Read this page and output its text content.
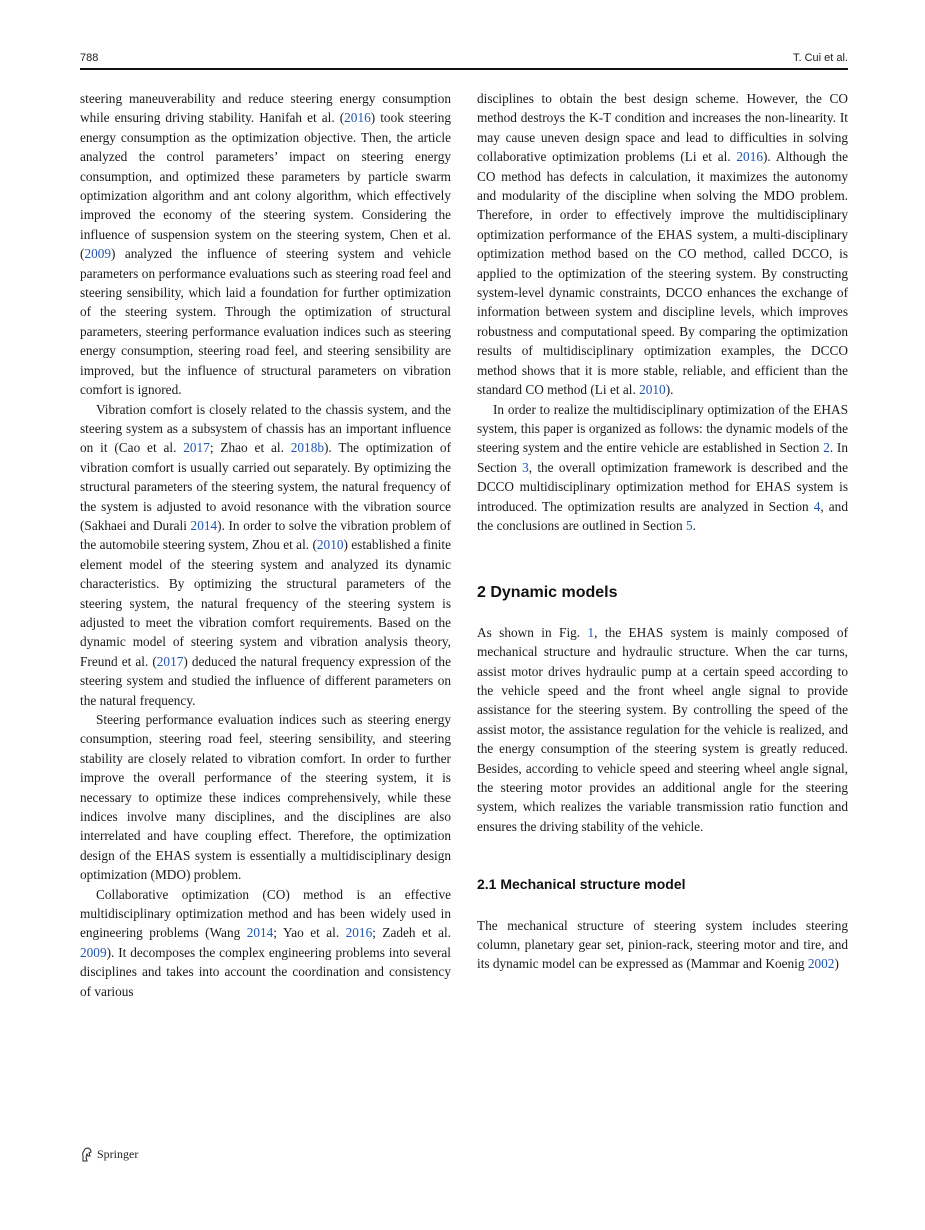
788	T. Cui et al.

steering maneuverability and reduce steering energy consumption while ensuring driving stability. Hanifah et al. (2016) took steering energy consumption as the optimization objective. Then, the article analyzed the control parameters’ impact on steering energy consumption, and optimized these parameters by particle swarm optimization algorithm and ant colony algorithm, which effectively improved the economy of the steering system. Considering the influence of suspension system on the steering system, Chen et al. (2009) analyzed the influence of steering system and vehicle parameters on performance evaluations such as steering road feel and steering sensibility, which laid a foundation for further optimization of the steering system. Through the optimization of structural parameters, steering performance evaluation indices such as steering energy consumption, steering road feel, and steering sensibility are improved, but the influence of structural parameters on vibration comfort is ignored.

Vibration comfort is closely related to the chassis system, and the steering system as a subsystem of chassis has an important influence on it (Cao et al. 2017; Zhao et al. 2018b). The optimization of vibration comfort is usually carried out separately. By optimizing the structural parameters of the steering system, the natural frequency of the system is adjusted to avoid resonance with the vibration source (Sakhaei and Durali 2014). In order to solve the vibration problem of the automobile steering system, Zhou et al. (2010) established a finite element model of the steering system and analyzed its dynamic characteristics. By optimizing the structural parameters of the steering system, the natural frequency of the steering system is adjusted to meet the vibration comfort requirements. Based on the dynamic model of steering system and vibration analysis theory, Freund et al. (2017) deduced the natural frequency expression of the steering system and studied the influence of different parameters on the natural frequency.

Steering performance evaluation indices such as steering energy consumption, steering road feel, steering sensibility, and steering stability are closely related to vibration comfort. In order to further improve the overall performance of the steering system, it is necessary to optimize these indices comprehensively, while these indices involve many disciplines, and the disciplines are also interrelated and have coupling effect. Therefore, the optimization design of the EHAS system is essentially a multidisciplinary design optimization (MDO) problem.

Collaborative optimization (CO) method is an effective multidisciplinary optimization method and has been widely used in engineering problems (Wang 2014; Yao et al. 2016; Zadeh et al. 2009). It decomposes the complex engineering problems into several disciplines and takes into account the coordination and consistency of various

disciplines to obtain the best design scheme. However, the CO method destroys the K-T condition and increases the non-linearity. It may cause uneven design space and lead to difficulties in solving collaborative optimization problems (Li et al. 2016). Although the CO method has defects in calculation, it maximizes the autonomy and modularity of the discipline when solving the MDO problem. Therefore, in order to effectively improve the multidisciplinary optimization performance of the EHAS system, a multi-disciplinary optimization method based on the CO method, called DCCO, is applied to the optimization of the steering system. By constructing system-level dynamic constraints, DCCO enhances the exchange of information between system and discipline levels, which improves robustness and computational speed. By comparing the optimization results of multidisciplinary optimization examples, the DCCO method shows that it is more stable, reliable, and efficient than the standard CO method (Li et al. 2010).

In order to realize the multidisciplinary optimization of the EHAS system, this paper is organized as follows: the dynamic models of the steering system and the entire vehicle are established in Section 2. In Section 3, the overall optimization framework is described and the DCCO multidisciplinary optimization method for EHAS system is introduced. The optimization results are analyzed in Section 4, and the conclusions are outlined in Section 5.

2 Dynamic models

As shown in Fig. 1, the EHAS system is mainly composed of mechanical structure and hydraulic structure. When the car turns, assist motor drives hydraulic pump at a certain speed according to the vehicle speed and the front wheel angle signal to provide assistance for the steering system. By controlling the speed of the assist motor, the assistance regulation for the vehicle is realized, and the energy consumption of the steering system is greatly reduced. Besides, according to vehicle speed and steering wheel angle signal, the steering motor provides an additional angle for the steering system, which realizes the variable transmission ratio function and ensures the driving stability of the vehicle.

2.1 Mechanical structure model

The mechanical structure of steering system includes steering column, planetary gear set, pinion-rack, steering motor and tire, and its dynamic model can be expressed as (Mammar and Koenig 2002)

Springer
